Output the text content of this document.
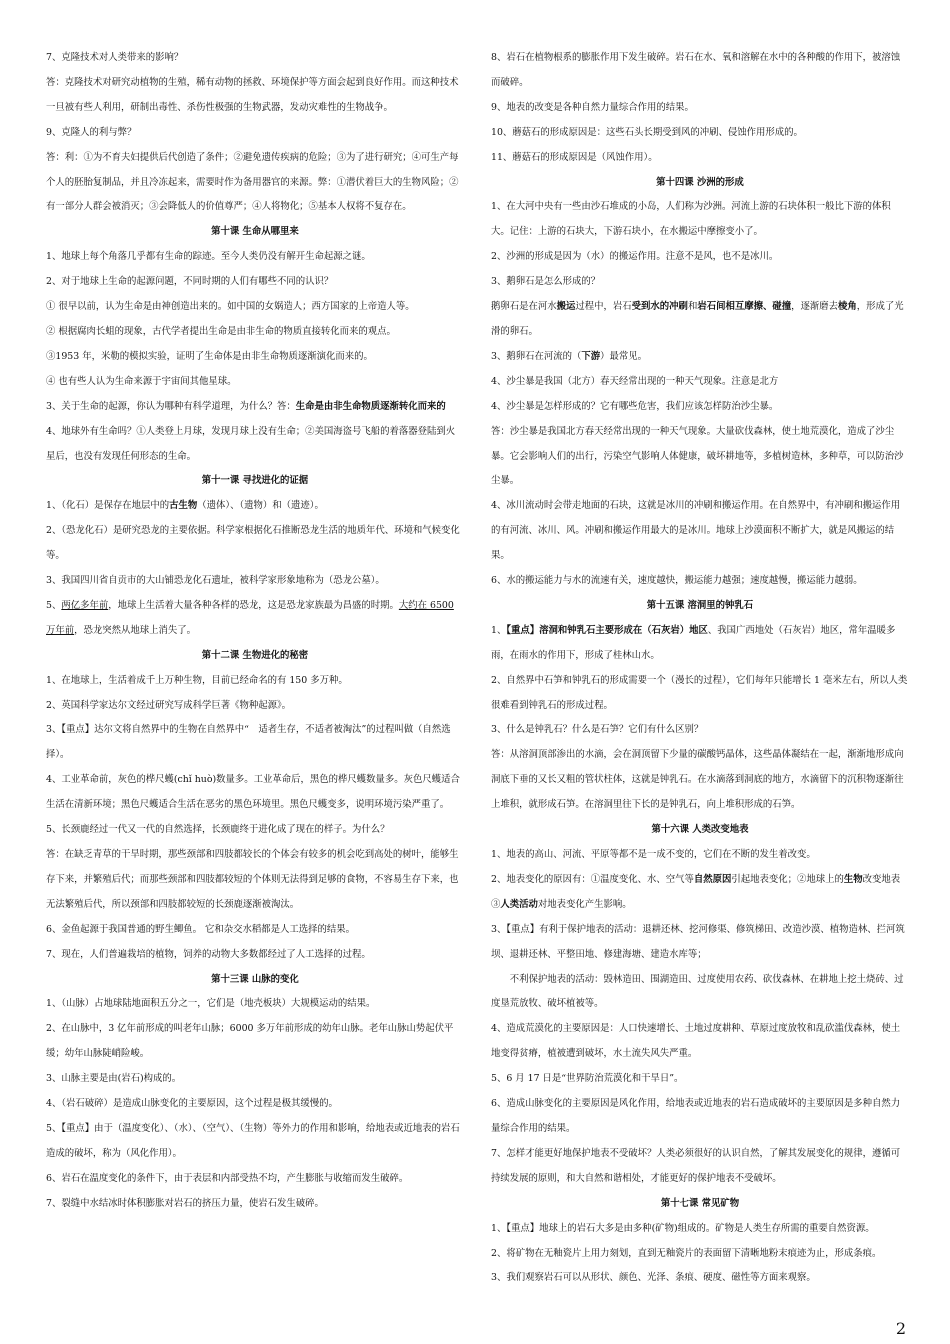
7、克隆技术对人类带来的影响？
答：克隆技术对研究动植物的生殖，稀有动物的拯救、环境保护等方面会起到良好作用。而这种技术一旦被有些人利用，研制出毒性、杀伤性极强的生物武器，发动灾难性的生物战争。
9、克隆人的利与弊？
答：利：①为不育夫妇提供后代创造了条件；②避免遗传疾病的危险；③为了进行研究；④可生产每个人的胚胎复制品，并且冷冻起来，需要时作为备用器官的来源。弊：①潜伏着巨大的生物风险；②有一部分人群会被消灭；③会降低人的价值尊严；④人将物化；⑤基本人权将不复存在。
第十课 生命从哪里来
1、地球上每个角落几乎都有生命的踪迹。至今人类仍没有解开生命起源之谜。
2、对于地球上生命的起源问题，不同时期的人们有哪些不同的认识？
① 很早以前，认为生命是由神创造出来的。如中国的女娲造人；西方国家的上帝造人等。
② 根据腐肉长蛆的现象，古代学者提出生命是由非生命的物质直接转化而来的观点。
③1953 年，米勒的模拟实验，证明了生命体是由非生命物质逐渐演化而来的。
④ 也有些人认为生命来源于宇宙间其他星球。
3、关于生命的起源，你认为哪种有科学道理，为什么？答：生命是由非生命物质逐渐转化而来的
4、地球外有生命吗？①人类登上月球，发现月球上没有生命；②美国海盗号飞船的着落器登陆到火星后，也没有发现任何形态的生命。
第十一课 寻找进化的证据
1、（化石）是保存在地层中的古生物（遗体）、（遗物）和（遗迹）。
2、（恐龙化石）是研究恐龙的主要依据。科学家根据化石推断恐龙生活的地质年代、环境和气候变化等。
3、我国四川省自贡市的大山铺恐龙化石遗址，被科学家形象地称为（恐龙公墓）。
5、两亿多年前，地球上生活着大量各种各样的恐龙，这是恐龙家族最为昌盛的时期。大约在 6500 万年前，恐龙突然从地球上消失了。
第十二课 生物进化的秘密
1、在地球上，生活着成千上万种生物，目前已经命名的有 150 多万种。
2、英国科学家达尔文经过研究写成科学巨著《物种起源》。
3、【重点】达尔文将自然界中的生物在自然界中“　适者生存，不适者被淘汰”的过程叫做（自然选择）。
4、工业革命前，灰色的桦尺蠖(chǐ huò)数量多。工业革命后，黑色的桦尺蠖数量多。灰色尺蠖适合生活在清新环境；黑色尺蠖适合生活在恶劣的黑色环境里。黑色尺蠖变多，说明环境污染严重了。
5、长颈鹿经过一代又一代的自然选择，长颈鹿终于进化成了现在的样子。为什么？
答：在缺乏青草的干旱时期，那些颈部和四肢都较长的个体会有较多的机会吃到高处的树叶，能够生存下来，并繁殖后代；而那些颈部和四肢都较短的个体则无法得到足够的食物，不容易生存下来，也无法繁殖后代，所以颈部和四肢都较短的长颈鹿逐渐被淘汰。
6、金鱼起源于我国普通的野生鲫鱼。 它和杂交水稻都是人工选择的结果。
7、现在，人们普遍栽培的植物，饲养的动物大多数都经过了人工选择的过程。
第十三课 山脉的变化
1、（山脉）占地球陆地面积五分之一，它们是（地壳板块）大规模运动的结果。
2、在山脉中，3 亿年前形成的叫老年山脉；6000 多万年前形成的幼年山脉。老年山脉山势起伏平缓；幼年山脉陡峭险峻。
3、山脉主要是由(岩石)构成的。
4、（岩石破碎）是造成山脉变化的主要原因，这个过程是极其缓慢的。
5、【重点】由于（温度变化）、（水）、（空气）、（生物）等外力的作用和影响，给地表或近地表的岩石造成的破坏，称为（风化作用）。
6、岩石在温度变化的条件下，由于表层和内部受热不均，产生膨胀与收缩而发生破碎。
7、裂缝中水结冰时体积膨胀对岩石的挤压力量，使岩石发生破碎。
8、岩石在植物根系的膨胀作用下发生破碎。岩石在水、氧和溶解在水中的各种酸的作用下，被溶蚀而破碎。
9、地表的改变是各种自然力量综合作用的结果。
10、蘑菇石的形成原因是：这些石头长期受到风的冲刷、侵蚀作用形成的。
11、蘑菇石的形成原因是（风蚀作用）。
第十四课 沙洲的形成
1、在大河中央有一些由沙石堆成的小岛，人们称为沙洲。河流上游的石块体积一般比下游的体积大。记住：上游的石块大，下游石块小，在水搬运中摩擦变小了。
2、沙洲的形成是因为（水）的搬运作用。注意不是风，也不是冰川。
3、鹅卵石是怎么形成的？
鹅卵石是在河水搬运过程中，岩石受到水的冲刷和岩石间相互摩擦、碰撞，逐渐磨去棱角，形成了光滑的卵石。
3、鹅卵石在河流的（下游）最常见。
4、沙尘暴是我国（北方）春天经常出现的一种天气现象。注意是北方
4、沙尘暴是怎样形成的？它有哪些危害，我们应该怎样防治沙尘暴。
答：沙尘暴是我国北方春天经常出现的一种天气现象。大量砍伐森林，使土地荒漠化，造成了沙尘暴。它会影响人们的出行，污染空气影响人体健康，破坏耕地等，多植树造林，多种草，可以防治沙尘暴。
4、冰川流动时会带走地面的石块，这就是冰川的冲刷和搬运作用。在自然界中，有冲刷和搬运作用的有河流、冰川、风。冲刷和搬运作用最大的是冰川。地球上沙漠面积不断扩大，就是风搬运的结果。
6、水的搬运能力与水的流速有关，速度越快，搬运能力越强；速度越慢，搬运能力越弱。
第十五课 溶洞里的钟乳石
1、【重点】溶洞和钟乳石主要形成在（石灰岩）地区、我国广西地处（石灰岩）地区，常年温暖多雨，在雨水的作用下，形成了桂林山水。
2、自然界中石笋和钟乳石的形成需要一个（漫长的过程），它们每年只能增长 1 毫米左右，所以人类很难看到钟乳石的形成过程。
3、什么是钟乳石？什么是石笋？它们有什么区别？
答：从溶洞顶部渗出的水滴，会在洞顶留下少量的碳酸钙晶体，这些晶体凝结在一起，渐渐地形成向洞底下垂的又长又粗的管状柱体，这就是钟乳石。在水滴落到洞底的地方，水滴留下的沉积物逐渐往上堆积，就形成石笋。在溶洞里往下长的是钟乳石，向上堆积形成的石笋。
第十六课 人类改变地表
1、地表的高山、河流、平原等都不是一成不变的，它们在不断的发生着改变。
2、地表变化的原因有：①温度变化、水、空气等自然原因引起地表变化；②地球上的生物改变地表③人类活动对地表变化产生影响。
3、【重点】有利于保护地表的活动：退耕还林、挖河修渠、修筑梯田、改造沙漠、植物造林、拦河筑坝、退耕还林、平整田地、修建海塘、建造水库等；
　　不利保护地表的活动：毁林造田、围湖造田、过度使用农药、砍伐森林、在耕地上挖土烧砖、过度垦荒放牧、破坏植被等。
4、造成荒漠化的主要原因是：人口快速增长、土地过度耕种、草原过度放牧和乱砍滥伐森林，使土地变得贫瘠，植被遭到破坏，水土流失风失严重。
5、6 月 17 日是“世界防治荒漠化和干旱日”。
6、造成山脉变化的主要原因是风化作用，给地表或近地表的岩石造成破坏的主要原因是多种自然力量综合作用的结果。
7、怎样才能更好地保护地表不受破坏？人类必须很好的认识自然，了解其发展变化的规律，遵循可持续发展的原则，和大自然和谐相处，才能更好的保护地表不受破坏。
第十七课 常见矿物
1、【重点】地球上的岩石大多是由多种(矿物)组成的。矿物是人类生存所需的重要自然资源。
2、将矿物在无釉瓷片上用力刻划，直到无釉瓷片的表面留下清晰地粉末痕迹为止，形成条痕。
3、我们观察岩石可以从形状、颜色、光泽、条痕、硬度、磁性等方面来观察。
2
